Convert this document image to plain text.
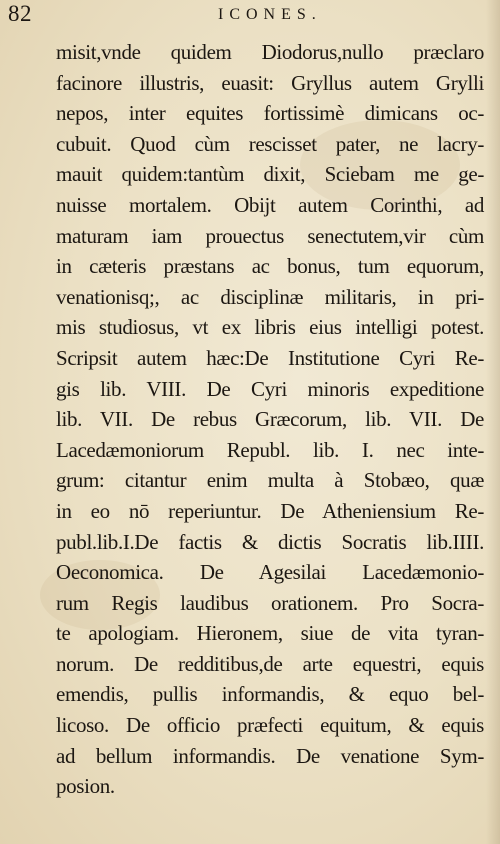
82	ICONES.
misit,vnde quidem Diodorus,nullo præclaro
facinore illustris, euasit: Gryllus autem Grylli
nepos, inter equites fortissimè dimicans oc-
cubuit. Quod cùm rescisset pater, ne lacry-
mauit quidem:tantùm dixit, Sciebam me ge-
nuisse mortalem. Obijt autem Corinthi, ad
maturam iam prouectus senectutem,vir cùm
in cæteris præstans ac bonus, tum equorum,
venationisq;, ac disciplinæ militaris, in pri-
mis studiosus, vt ex libris eius intelligi potest.
Scripsit autem hæc:De Institutione Cyri Re-
gis lib. VIII. De Cyri minoris expeditione
lib. VII. De rebus Græcorum, lib. VII. De
Lacedæmoniorum Republ. lib. I. nec inte-
grum: citantur enim multa à Stobæo, quæ
in eo nō reperiuntur. De Atheniensium Re-
publ.lib.I.De factis & dictis Socratis lib.IIII.
Oeconomica. De Agesilai Lacedæmonio-
rum Regis laudibus orationem. Pro Socra-
te apologiam. Hieronem, siue de vita tyran-
norum. De redditibus,de arte equestri, equis
emendis, pullis informandis, & equo bel-
licoso. De officio præfecti equitum, & equis
ad bellum informandis. De venatione Sym-
posion.
